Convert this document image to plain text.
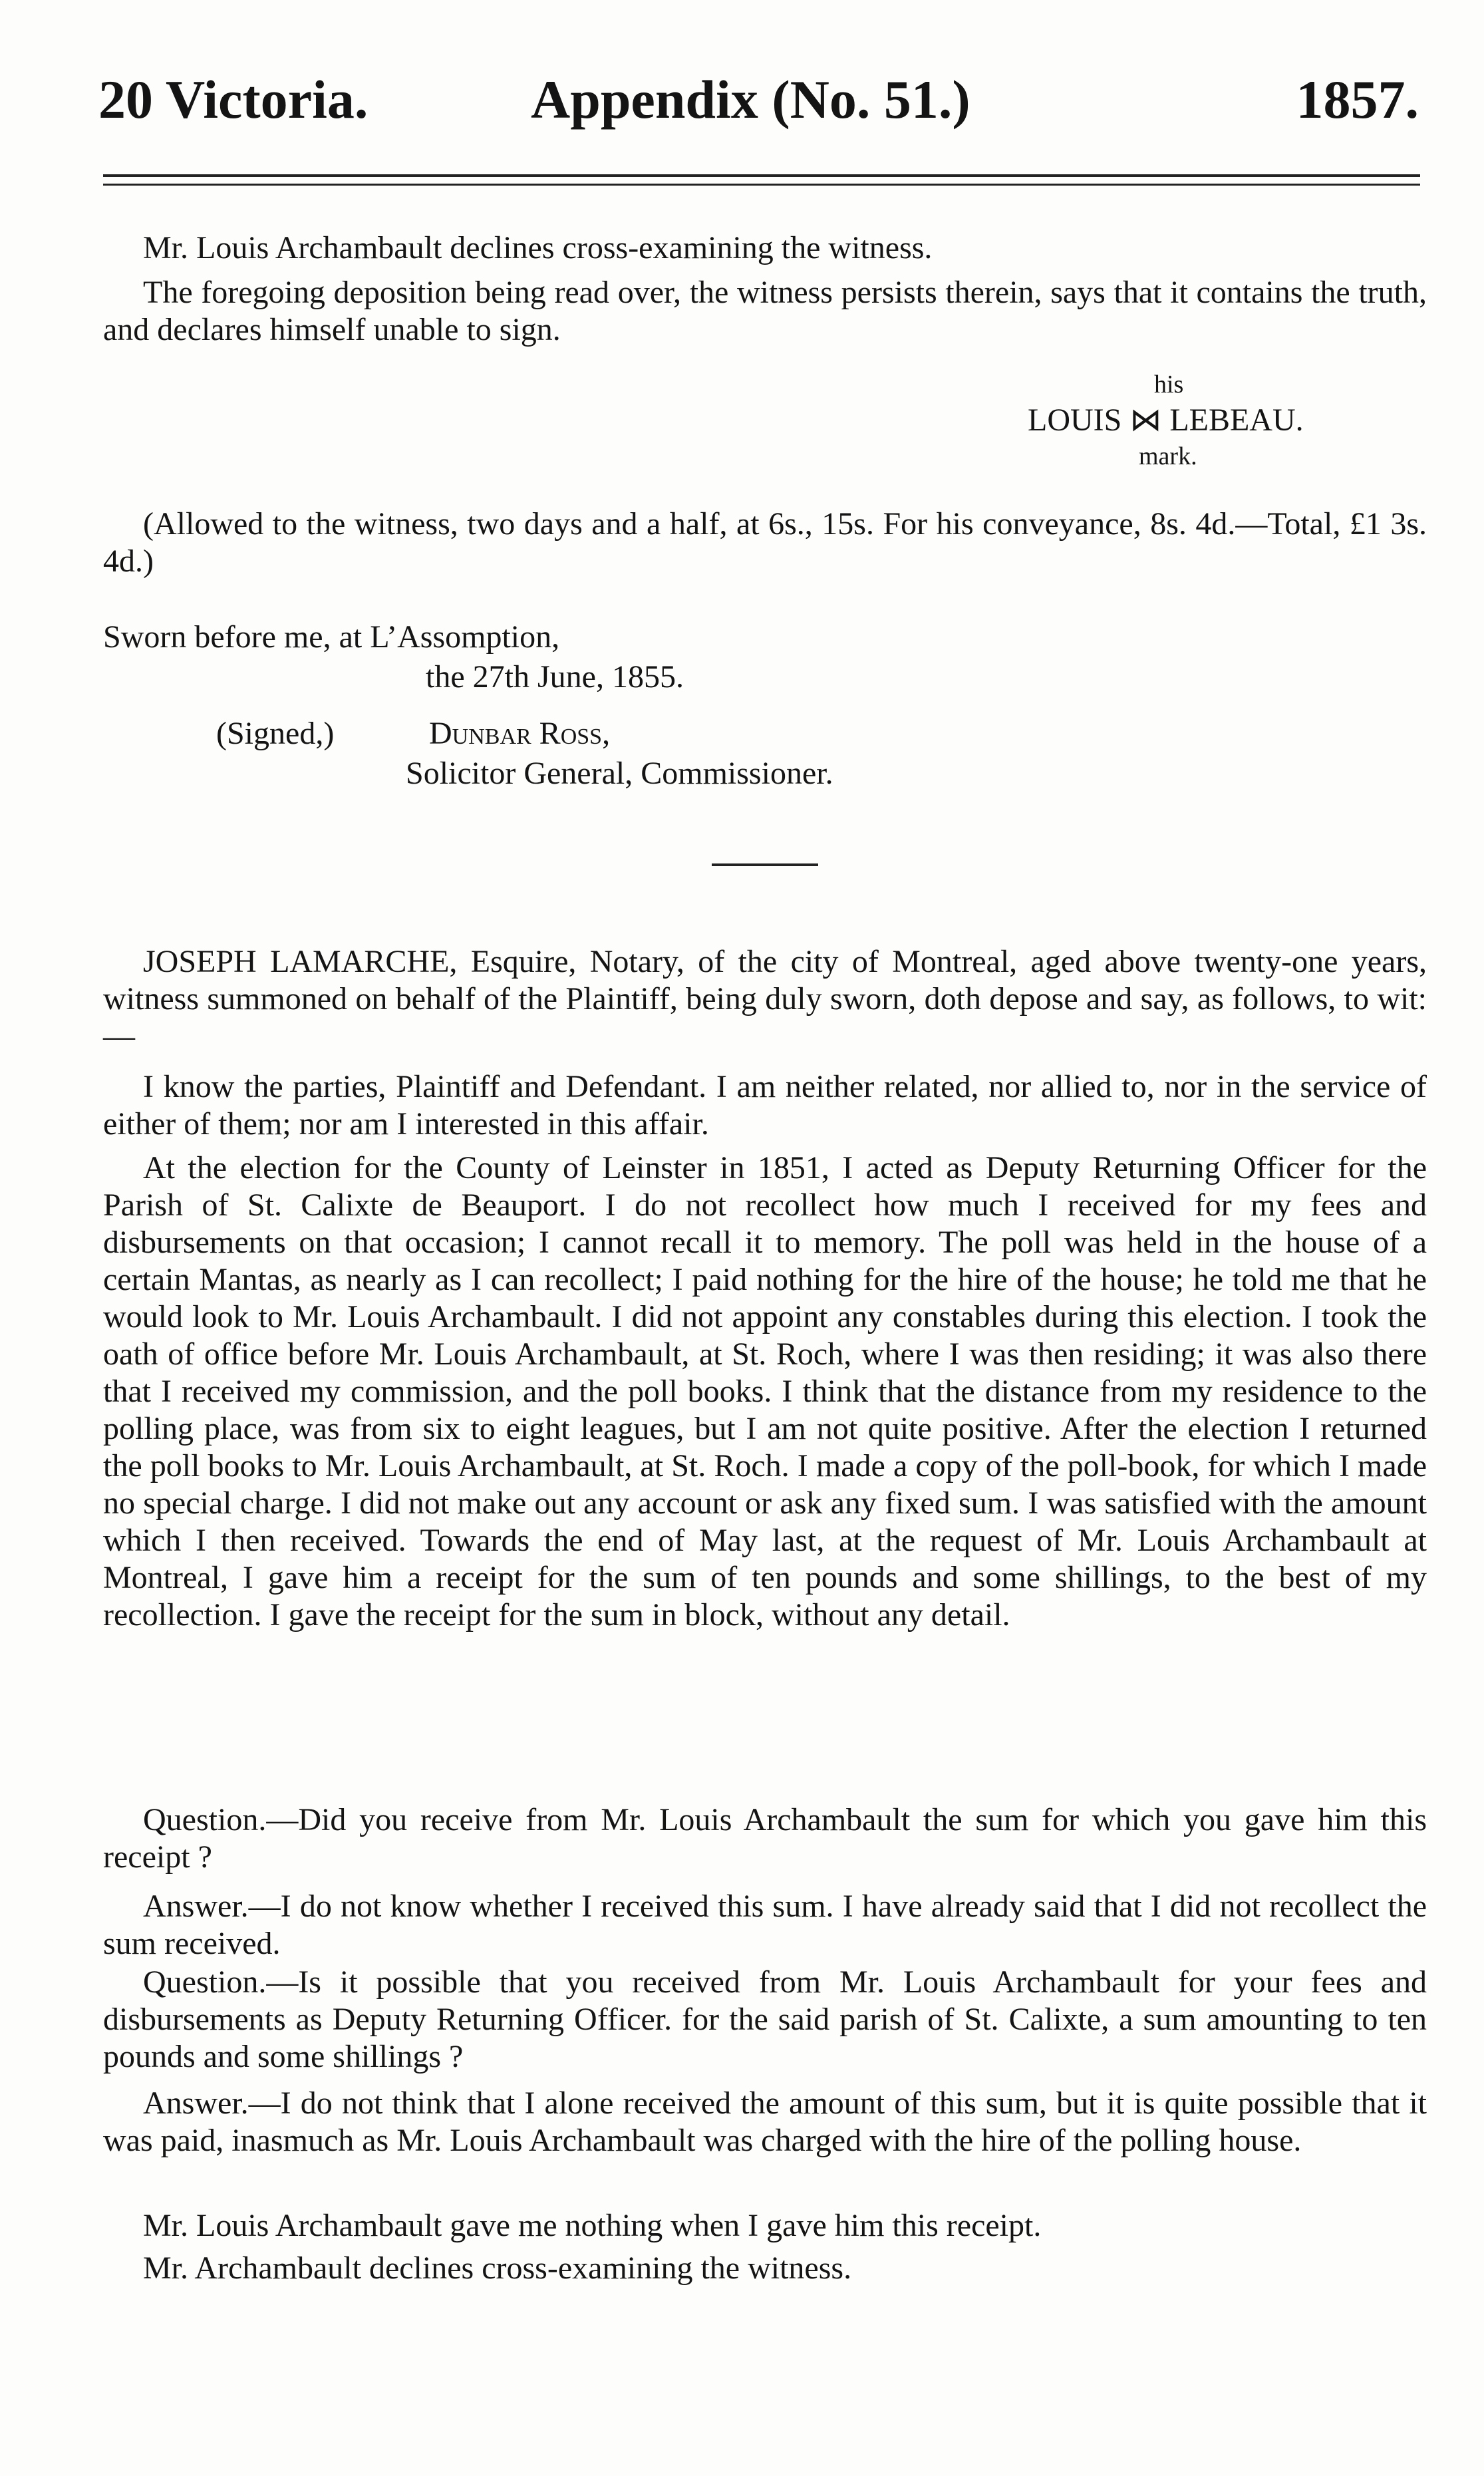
20 Victoria.	Appendix (No. 51.)	1857.
Mr. Louis Archambault declines cross-examining the witness.
The foregoing deposition being read over, the witness persists therein, says that it contains the truth, and declares himself unable to sign.
his
LOUIS ⋈ LEBEAU.
mark.
(Allowed to the witness, two days and a half, at 6s., 15s. For his conveyance, 8s. 4d.—Total, £1 3s. 4d.)
Sworn before me, at L’Assomption,
the 27th June, 1855.
(Signed,)	Dunbar Ross,
Solicitor General, Commissioner.
JOSEPH LAMARCHE, Esquire, Notary, of the city of Montreal, aged above twenty-one years, witness summoned on behalf of the Plaintiff, being duly sworn, doth depose and say, as follows, to wit:—
I know the parties, Plaintiff and Defendant. I am neither related, nor allied to, nor in the service of either of them; nor am I interested in this affair.
At the election for the County of Leinster in 1851, I acted as Deputy Returning Officer for the Parish of St. Calixte de Beauport. I do not recollect how much I received for my fees and disbursements on that occasion; I cannot recall it to memory. The poll was held in the house of a certain Mantas, as nearly as I can recollect; I paid nothing for the hire of the house; he told me that he would look to Mr. Louis Archambault. I did not appoint any constables during this election. I took the oath of office before Mr. Louis Archambault, at St. Roch, where I was then residing; it was also there that I received my commission, and the poll books. I think that the distance from my residence to the polling place, was from six to eight leagues, but I am not quite positive. After the election I returned the poll books to Mr. Louis Archambault, at St. Roch. I made a copy of the poll-book, for which I made no special charge. I did not make out any account or ask any fixed sum. I was satisfied with the amount which I then received. Towards the end of May last, at the request of Mr. Louis Archambault at Montreal, I gave him a receipt for the sum of ten pounds and some shillings, to the best of my recollection. I gave the receipt for the sum in block, without any detail.
Question.—Did you receive from Mr. Louis Archambault the sum for which you gave him this receipt ?
Answer.—I do not know whether I received this sum. I have already said that I did not recollect the sum received.
Question.—Is it possible that you received from Mr. Louis Archambault for your fees and disbursements as Deputy Returning Officer. for the said parish of St. Calixte, a sum amounting to ten pounds and some shillings ?
Answer.—I do not think that I alone received the amount of this sum, but it is quite possible that it was paid, inasmuch as Mr. Louis Archambault was charged with the hire of the polling house.
Mr. Louis Archambault gave me nothing when I gave him this receipt.
Mr. Archambault declines cross-examining the witness.
